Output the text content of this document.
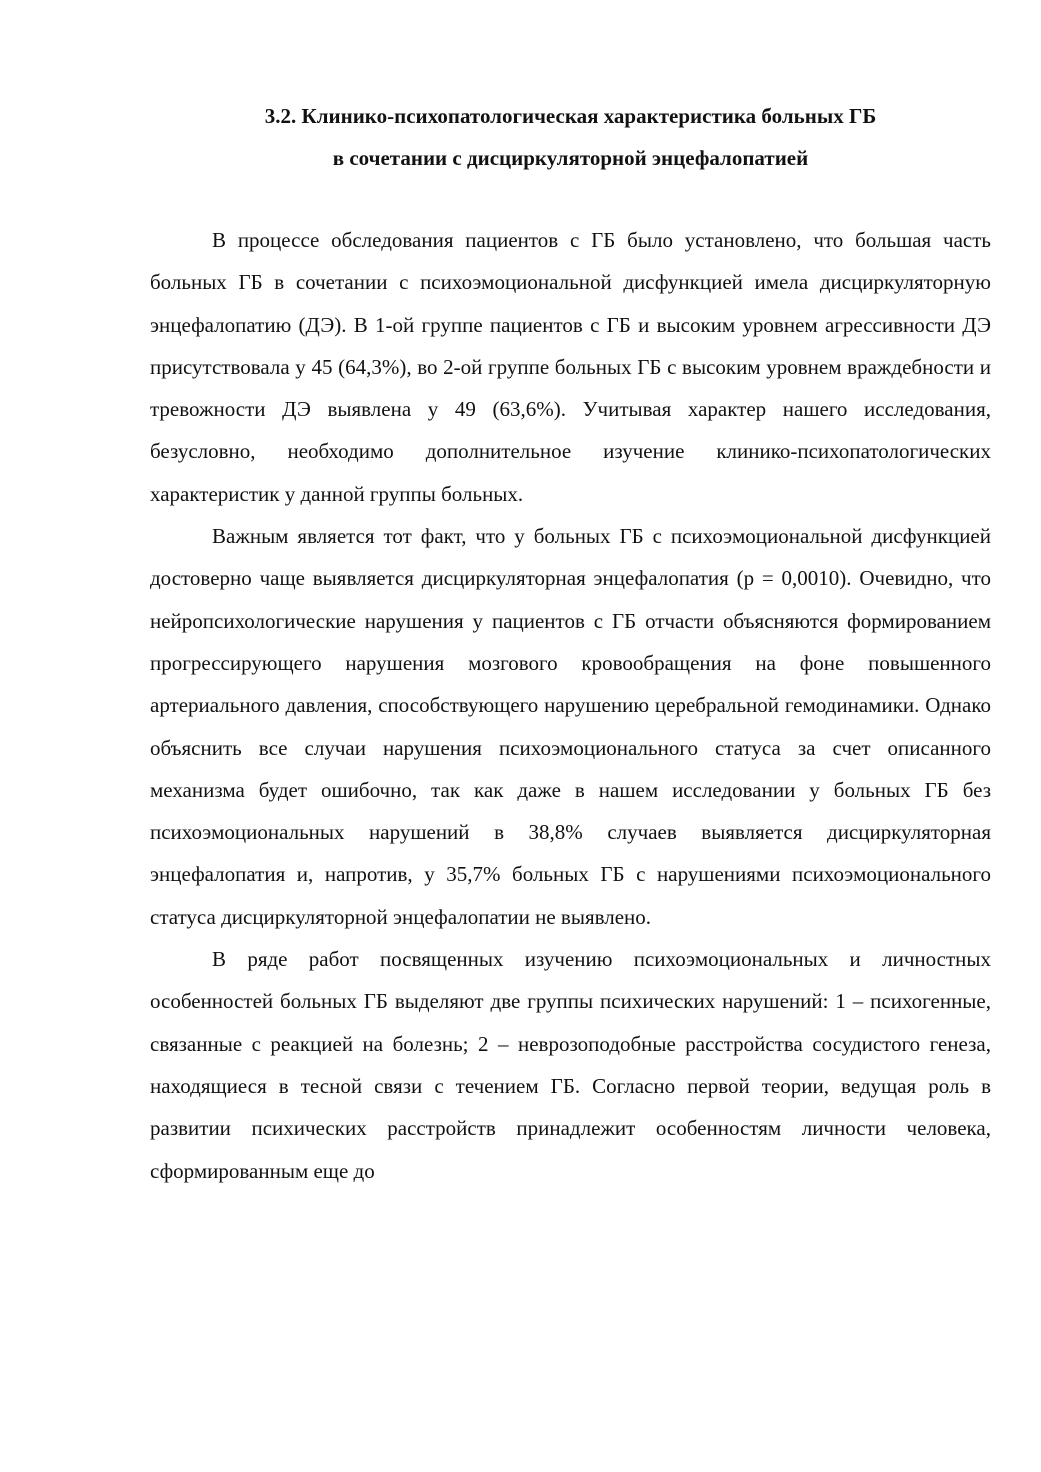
3.2. Клинико-психопатологическая характеристика больных ГБ
в сочетании с дисциркуляторной энцефалопатией

В процессе обследования пациентов с ГБ было установлено, что большая часть больных ГБ в сочетании с психоэмоциональной дисфункцией имела дисциркуляторную энцефалопатию (ДЭ). В 1-ой группе пациентов с ГБ и высоким уровнем агрессивности ДЭ присутствовала у 45 (64,3%), во 2-ой группе больных ГБ с высоким уровнем враждебности и тревожности ДЭ выявлена у 49 (63,6%). Учитывая характер нашего исследования, безусловно, необходимо дополнительное изучение клинико-психопатологических характеристик у данной группы больных.

Важным является тот факт, что у больных ГБ с психоэмоциональной дисфункцией достоверно чаще выявляется дисциркуляторная энцефалопатия (p = 0,0010). Очевидно, что нейропсихологические нарушения у пациентов с ГБ отчасти объясняются формированием прогрессирующего нарушения мозгового кровообращения на фоне повышенного артериального давления, способствующего нарушению церебральной гемодинамики. Однако объяснить все случаи нарушения психоэмоционального статуса за счет описанного механизма будет ошибочно, так как даже в нашем исследовании у больных ГБ без психоэмоциональных нарушений в 38,8% случаев выявляется дисциркуляторная энцефалопатия и, напротив, у 35,7% больных ГБ с нарушениями психоэмоционального статуса дисциркуляторной энцефалопатии не выявлено.

В ряде работ посвященных изучению психоэмоциональных и личностных особенностей больных ГБ выделяют две группы психических нарушений: 1 – психогенные, связанные с реакцией на болезнь; 2 – неврозоподобные расстройства сосудистого генеза, находящиеся в тесной связи с течением ГБ. Согласно первой теории, ведущая роль в развитии психических расстройств принадлежит особенностям личности человека, сформированным еще до
